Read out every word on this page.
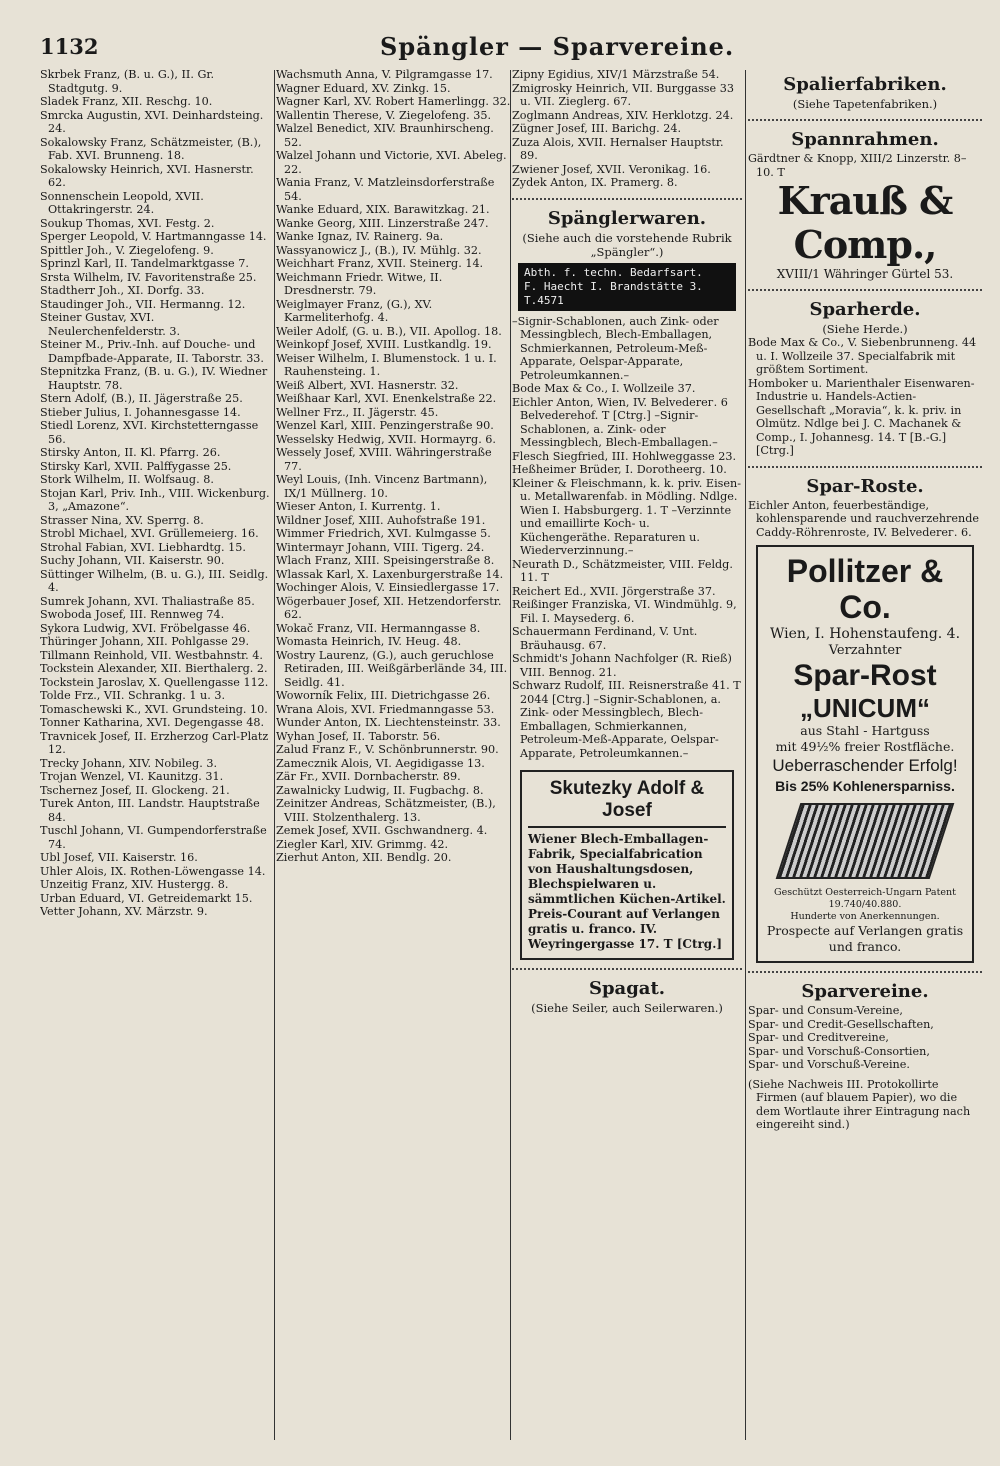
1132	Spängler — Sparvereine.
Skrbek Franz, (B. u. G.), II. Gr. Stadtgutg. 9.
Sladek Franz, XII. Reschg. 10.
Smrcka Augustin, XVI. Deinhardsteing. 24.
Sokalowsky Franz, Schätzmeister, (B.), Fab. XVI. Brunneng. 18.
Sokalowsky Heinrich, XVI. Hasnerstr. 62.
Sonnenschein Leopold, XVII. Ottakringerstr. 24.
Soukup Thomas, XVI. Festg. 2.
Sperger Leopold, V. Hartmanngasse 14.
Spittler Joh., V. Ziegelofeng. 9.
Sprinzl Karl, II. Tandelmarktgasse 7.
Srsta Wilhelm, IV. Favoritenstraße 25.
Stadtherr Joh., XI. Dorfg. 33.
Staudinger Joh., VII. Hermanng. 12.
Steiner Gustav, XVI. Neulerchenfelderstr. 3.
Steiner M., Priv.-Inh. auf Douche- und Dampfbade-Apparate, II. Taborstr. 33.
Stepnitzka Franz, (B. u. G.), IV. Wiedner Hauptstr. 78.
Stern Adolf, (B.), II. Jägerstraße 25.
Stieber Julius, I. Johannesgasse 14.
Stiedl Lorenz, XVI. Kirchstetterngasse 56.
Stirsky Anton, II. Kl. Pfarrg. 26.
Stirsky Karl, XVII. Palffygasse 25.
Stork Wilhelm, II. Wolfsaug. 8.
Stojan Karl, Priv. Inh., VIII. Wickenburg. 3, „Amazone“.
Strasser Nina, XV. Sperrg. 8.
Strobl Michael, XVI. Grüllemeierg. 16.
Strohal Fabian, XVI. Liebhardtg. 15.
Suchy Johann, VII. Kaiserstr. 90.
Süttinger Wilhelm, (B. u. G.), III. Seidlg. 4.
Sumrek Johann, XVI. Thaliastraße 85.
Swoboda Josef, III. Rennweg 74.
Sykora Ludwig, XVI. Fröbelgasse 46.
Thüringer Johann, XII. Pohlgasse 29.
Tillmann Reinhold, VII. Westbahnstr. 4.
Tockstein Alexander, XII. Bierthalerg. 2.
Tockstein Jaroslav, X. Quellengasse 112.
Tolde Frz., VII. Schrankg. 1 u. 3.
Tomaschewski K., XVI. Grundsteing. 10.
Tonner Katharina, XVI. Degengasse 48.
Travnicek Josef, II. Erzherzog Carl-Platz 12.
Trecky Johann, XIV. Nobileg. 3.
Trojan Wenzel, VI. Kaunitzg. 31.
Tschernez Josef, II. Glockeng. 21.
Turek Anton, III. Landstr. Hauptstraße 84.
Tuschl Johann, VI. Gumpendorferstraße 74.
Ubl Josef, VII. Kaiserstr. 16.
Uhler Alois, IX. Rothen-Löwengasse 14.
Unzeitig Franz, XIV. Hustergg. 8.
Urban Eduard, VI. Getreidemarkt 15.
Vetter Johann, XV. Märzstr. 9.
Wachsmuth Anna, V. Pilgramgasse 17.
Wagner Eduard, XV. Zinkg. 15.
Wagner Karl, XV. Robert Hamerlingg. 32.
Wallentin Therese, V. Ziegelofeng. 35.
Walzel Benedict, XIV. Braunhirscheng. 52.
Walzel Johann und Victorie, XVI. Abeleg. 22.
Wania Franz, V. Matzleinsdorferstraße 54.
Wanke Eduard, XIX. Barawitzkag. 21.
Wanke Georg, XIII. Linzerstraße 247.
Wanke Ignaz, IV. Rainerg. 9a.
Wassyanowicz J., (B.), IV. Mühlg. 32.
Weichhart Franz, XVII. Steinerg. 14.
Weichmann Friedr. Witwe, II. Dresdnerstr. 79.
Weiglmayer Franz, (G.), XV. Karmeliterhofg. 4.
Weiler Adolf, (G. u. B.), VII. Apollog. 18.
Weinkopf Josef, XVIII. Lustkandlg. 19.
Weiser Wilhelm, I. Blumenstock. 1 u. I. Rauhensteing. 1.
Weiß Albert, XVI. Hasnerstr. 32.
Weißhaar Karl, XVI. Enenkelstraße 22.
Wellner Frz., II. Jägerstr. 45.
Wenzel Karl, XIII. Penzingerstraße 90.
Wesselsky Hedwig, XVII. Hormayrg. 6.
Wessely Josef, XVIII. Währingerstraße 77.
Weyl Louis, (Inh. Vincenz Bartmann), IX/1 Müllnerg. 10.
Wieser Anton, I. Kurrentg. 1.
Wildner Josef, XIII. Auhofstraße 191.
Wimmer Friedrich, XVI. Kulmgasse 5.
Wintermayr Johann, VIII. Tigerg. 24.
Wlach Franz, XIII. Speisingerstraße 8.
Wlassak Karl, X. Laxenburgerstraße 14.
Wochinger Alois, V. Einsiedlergasse 17.
Wögerbauer Josef, XII. Hetzendorferstr. 62.
Wokač Franz, VII. Hermanngasse 8.
Womasta Heinrich, IV. Heug. 48.
Wostry Laurenz, (G.), auch geruchlose Retiraden, III. Weißgärberlände 34, III. Seidlg. 41.
Woworník Felix, III. Dietrichgasse 26.
Wrana Alois, XVI. Friedmanngasse 53.
Wunder Anton, IX. Liechtensteinstr. 33.
Wyhan Josef, II. Taborstr. 56.
Zalud Franz F., V. Schönbrunnerstr. 90.
Zamecznik Alois, VI. Aegidigasse 13.
Zär Fr., XVII. Dornbacherstr. 89.
Zawalnicky Ludwig, II. Fugbachg. 8.
Zeinitzer Andreas, Schätzmeister, (B.), VIII. Stolzenthalerg. 13.
Zemek Josef, XVII. Gschwandnerg. 4.
Ziegler Karl, XIV. Grimmg. 42.
Zierhut Anton, XII. Bendlg. 20.
Zipny Egidius, XIV/1 Märzstraße 54.
Zmigrosky Heinrich, VII. Burggasse 33 u. VII. Zieglerg. 67.
Zoglmann Andreas, XIV. Herklotzg. 24.
Zügner Josef, III. Barichg. 24.
Zuza Alois, XVII. Hernalser Hauptstr. 89.
Zwiener Josef, XVII. Veronikag. 16.
Zydek Anton, IX. Pramerg. 8.
Spänglerwaren.
(Siehe auch die vorstehende Rubrik „Spängler“.)
Abth. f. techn. Bedarfsart.
F. Haecht I. Brandstätte 3. T.4571
–Signir-Schablonen, auch Zink- oder Messingblech, Blech-Emballagen, Schmierkannen, Petroleum-Meß-Apparate, Oelspar-Apparate, Petroleumkannen.–
Bode Max & Co., I. Wollzeile 37.
Eichler Anton, Wien, IV. Belvederег. 6 Belvederehof. T [Ctrg.] –Signir-Schablonen, a. Zink- oder Messingblech, Blech-Emballagen.–
Flesch Siegfried, III. Hohlweggasse 23.
Heßheimer Brüder, I. Dorotheerg. 10.
Kleiner & Fleischmann, k. k. priv. Eisen- u. Metallwarenfab. in Mödling. Ndlge. Wien I. Habsburgerg. 1. T –Verzinnte und emaillirte Koch- u. Küchengeräthe. Reparaturen u. Wiederverzinnung.–
Neurath D., Schätzmeister, VIII. Feldg. 11. T
Reichert Ed., XVII. Jörgerstraße 37.
Reißinger Franziska, VI. Windmühlg. 9, Fil. I. Maysederg. 6.
Schauermann Ferdinand, V. Unt. Bräuhausg. 67.
Schmidt's Johann Nachfolger (R. Rieß) VIII. Bennog. 21.
Schwarz Rudolf, III. Reisnerstraße 41. T 2044 [Ctrg.] –Signir-Schablonen, a. Zink- oder Messingblech, Blech-Emballagen, Schmierkannen, Petroleum-Meß-Apparate, Oelspar-Apparate, Petroleumkannen.–
Skutezky Adolf & Josef
Wiener Blech-Emballagen-Fabrik, Specialfabrication von Haushaltungsdosen, Blechspielwaren u. sämmtlichen Küchen-Artikel. Preis-Courant auf Verlangen gratis u. franco. IV. Weyringergasse 17. T [Ctrg.]
Spagat.
(Siehe Seiler, auch Seilerwaren.)
Spalierfabriken.
(Siehe Tapetenfabriken.)
Spannrahmen.
Gärdtner & Knopp, XIII/2 Linzerstr. 8–10. T
Krauß & Comp.,
XVIII/1 Währinger Gürtel 53.
Sparherde.
(Siehe Herde.)
Bode Max & Co., V. Siebenbrunneng. 44 u. I. Wollzeile 37. Specialfabrik mit größtem Sortiment.
Homboker u. Marienthaler Eisenwaren-Industrie u. Handels-Actien-Gesellschaft „Moravia“, k. k. priv. in Olmütz. Ndlge bei J. C. Machanek & Comp., I. Johannesg. 14. T [B.-G.] [Ctrg.]
Spar-Roste.
Eichler Anton, feuerbeständige, kohlensparende und rauchverzehrende Caddy-Röhrenroste, IV. Belvederег. 6.
Pollitzer & Co.
Wien, I. Hohenstaufeng. 4.
Verzahnter
Spar-Rost
„UNICUM“
aus Stahl - Hartguss
mit 49½% freier Rostfläche.
Ueberraschender Erfolg!
Bis 25% Kohlenersparniss.
Geschützt Oesterreich-Ungarn Patent 19.740/40.880.
Hunderte von Anerkennungen.
Prospecte auf Verlangen gratis und franco.
Sparvereine.
Spar- und Consum-Vereine,
Spar- und Credit-Gesellschaften,
Spar- und Creditvereine,
Spar- und Vorschuß-Consortien,
Spar- und Vorschuß-Vereine.
(Siehe Nachweis III. Protokollirte Firmen (auf blauem Papier), wo die dem Wortlaute ihrer Eintragung nach eingereiht sind.)
